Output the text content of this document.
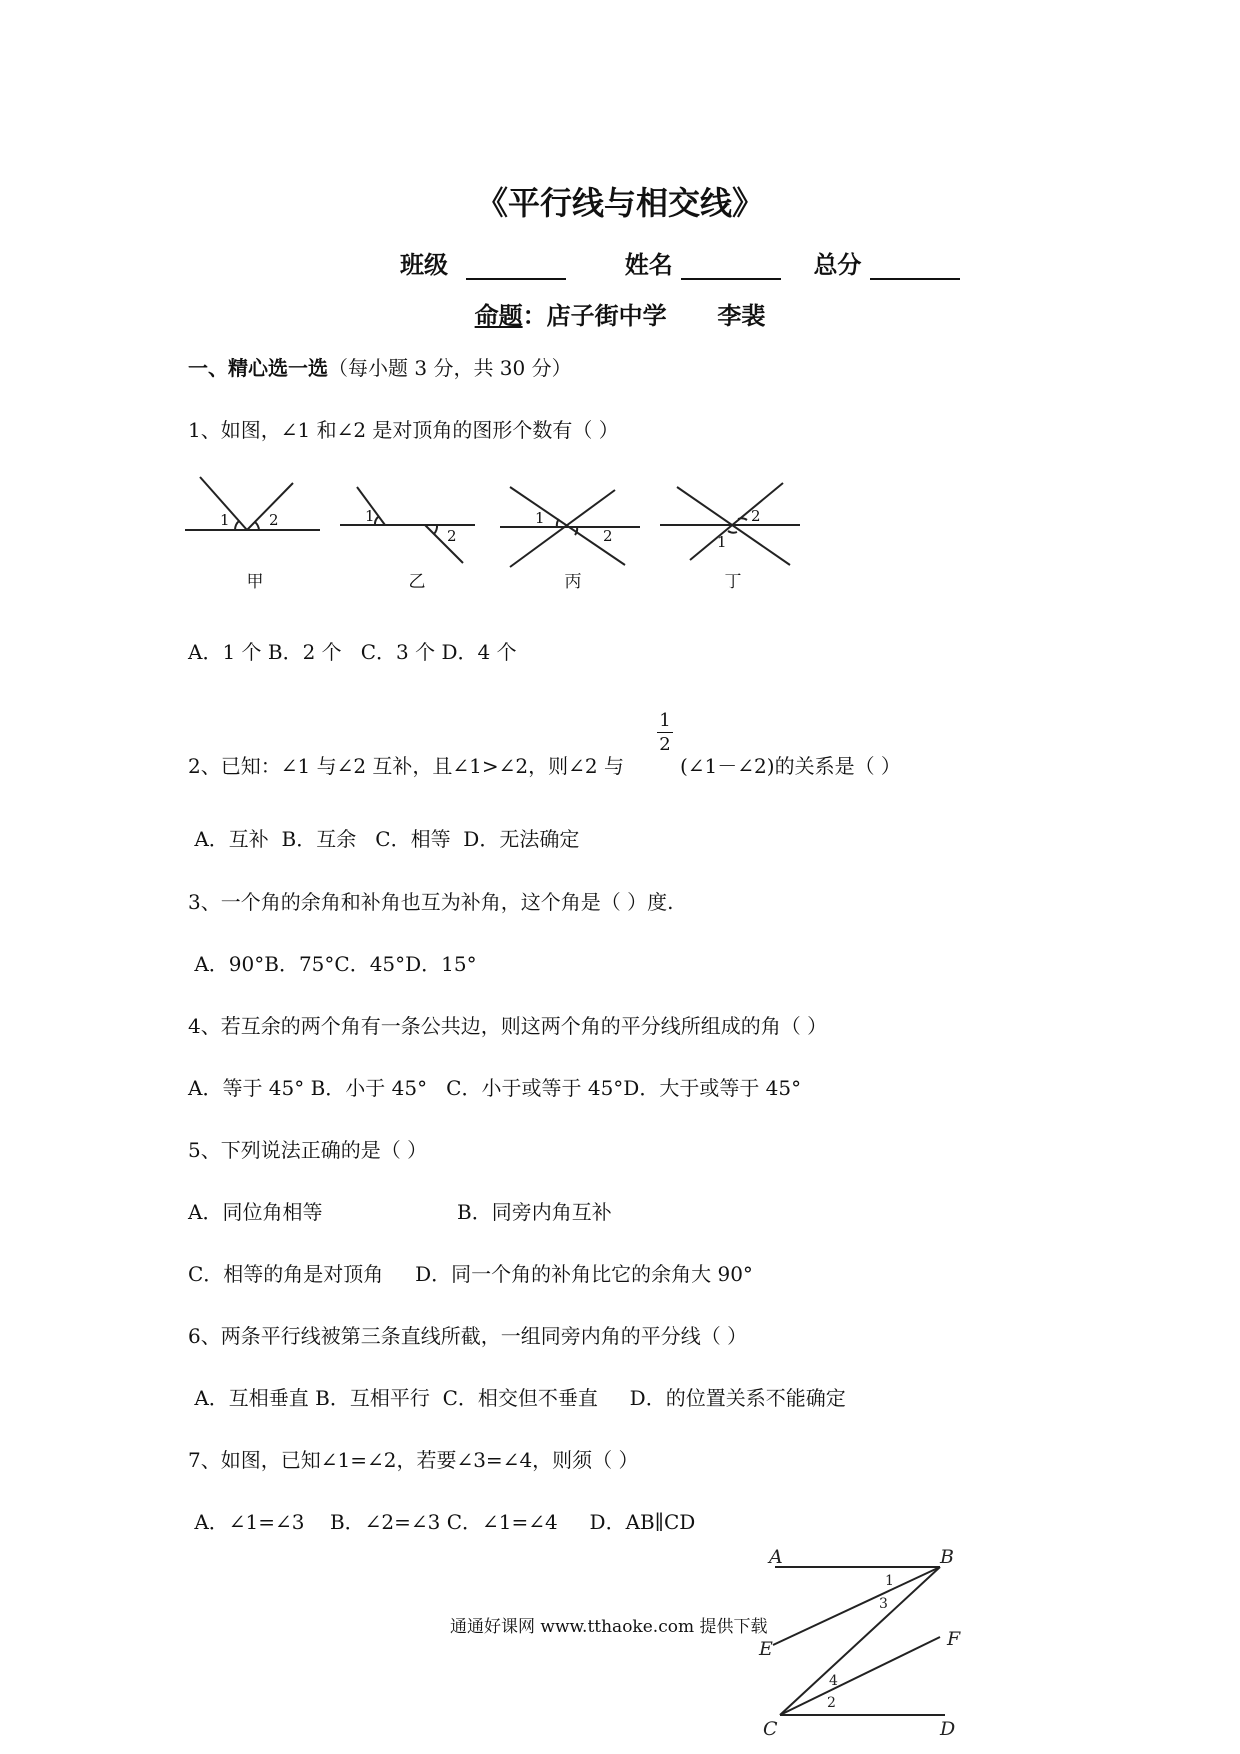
《平行线与相交线》
班级	姓名	总分
命题：店子街中学 李裴
一、精心选一选（每小题 3 分，共 30 分）
1、如图，∠1 和∠2 是对顶角的图形个数有（ ）
1	2	1
2
1
2
2
1
甲	乙	丙	丁
A．1 个 B．2 个   C．3 个 D．4 个
2、已知：∠1 与∠2 互补，且∠1>∠2，则∠2 与
1
2
(∠1－∠2)的关系是（ ）
A．互补  B．互余   C．相等  D．无法确定
3、一个角的余角和补角也互为补角，这个角是（ ）度.
A．90°B．75°C．45°D．15°
4、若互余的两个角有一条公共边，则这两个角的平分线所组成的角（ ）
A．等于 45° B．小于 45°   C．小于或等于 45°D．大于或等于 45°
5、下列说法正确的是（ ）
A．同位角相等	B．同旁内角互补
C．相等的角是对顶角     D．同一个角的补角比它的余角大 90°
6、两条平行线被第三条直线所截，一组同旁内角的平分线（ ）
A．互相垂直 B．互相平行  C．相交但不垂直     D．的位置关系不能确定
7、如图，已知∠1=∠2，若要∠3=∠4，则须（ ）
A．∠1=∠3    B．∠2=∠3 C．∠1=∠4     D．AB∥CD
A	B
C	D
E	F
1
2
3
4
通通好课网 www.tthaoke.com 提供下载
